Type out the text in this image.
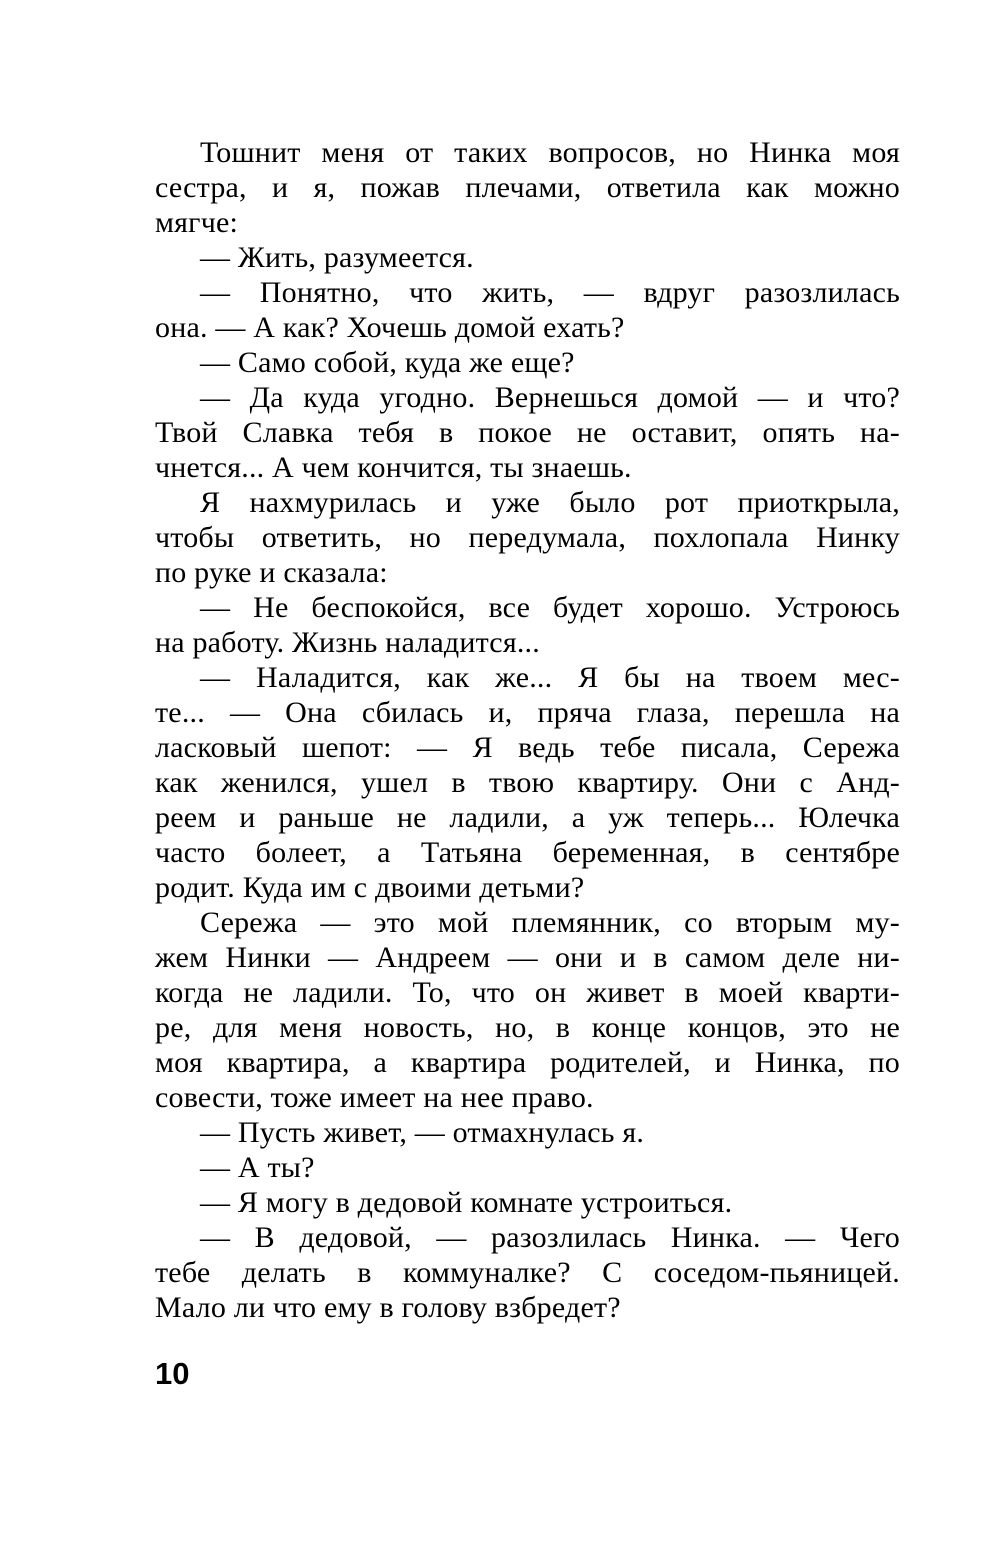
Тошнит меня от таких вопросов, но Нинка моя
сестра, и я, пожав плечами, ответила как можно
мягче:
— Жить, разумеется.
— Понятно, что жить, — вдруг разозлилась
она. — А как? Хочешь домой ехать?
— Само собой, куда же еще?
— Да куда угодно. Вернешься домой — и что?
Твой Славка тебя в покое не оставит, опять на-
чнется... А чем кончится, ты знаешь.
Я нахмурилась и уже было рот приоткрыла,
чтобы ответить, но передумала, похлопала Нинку
по руке и сказала:
— Не беспокойся, все будет хорошо. Устроюсь
на работу. Жизнь наладится...
— Наладится, как же... Я бы на твоем мес-
те... — Она сбилась и, пряча глаза, перешла на
ласковый шепот: — Я ведь тебе писала, Сережа
как женился, ушел в твою квартиру. Они с Анд-
реем и раньше не ладили, а уж теперь... Юлечка
часто болеет, а Татьяна беременная, в сентябре
родит. Куда им с двоими детьми?
Сережа — это мой племянник, со вторым му-
жем Нинки — Андреем — они и в самом деле ни-
когда не ладили. То, что он живет в моей кварти-
ре, для меня новость, но, в конце концов, это не
моя квартира, а квартира родителей, и Нинка, по
совести, тоже имеет на нее право.
— Пусть живет, — отмахнулась я.
— А ты?
— Я могу в дедовой комнате устроиться.
— В дедовой, — разозлилась Нинка. — Чего
тебе делать в коммуналке? С соседом-пьяницей.
Мало ли что ему в голову взбредет?
10
